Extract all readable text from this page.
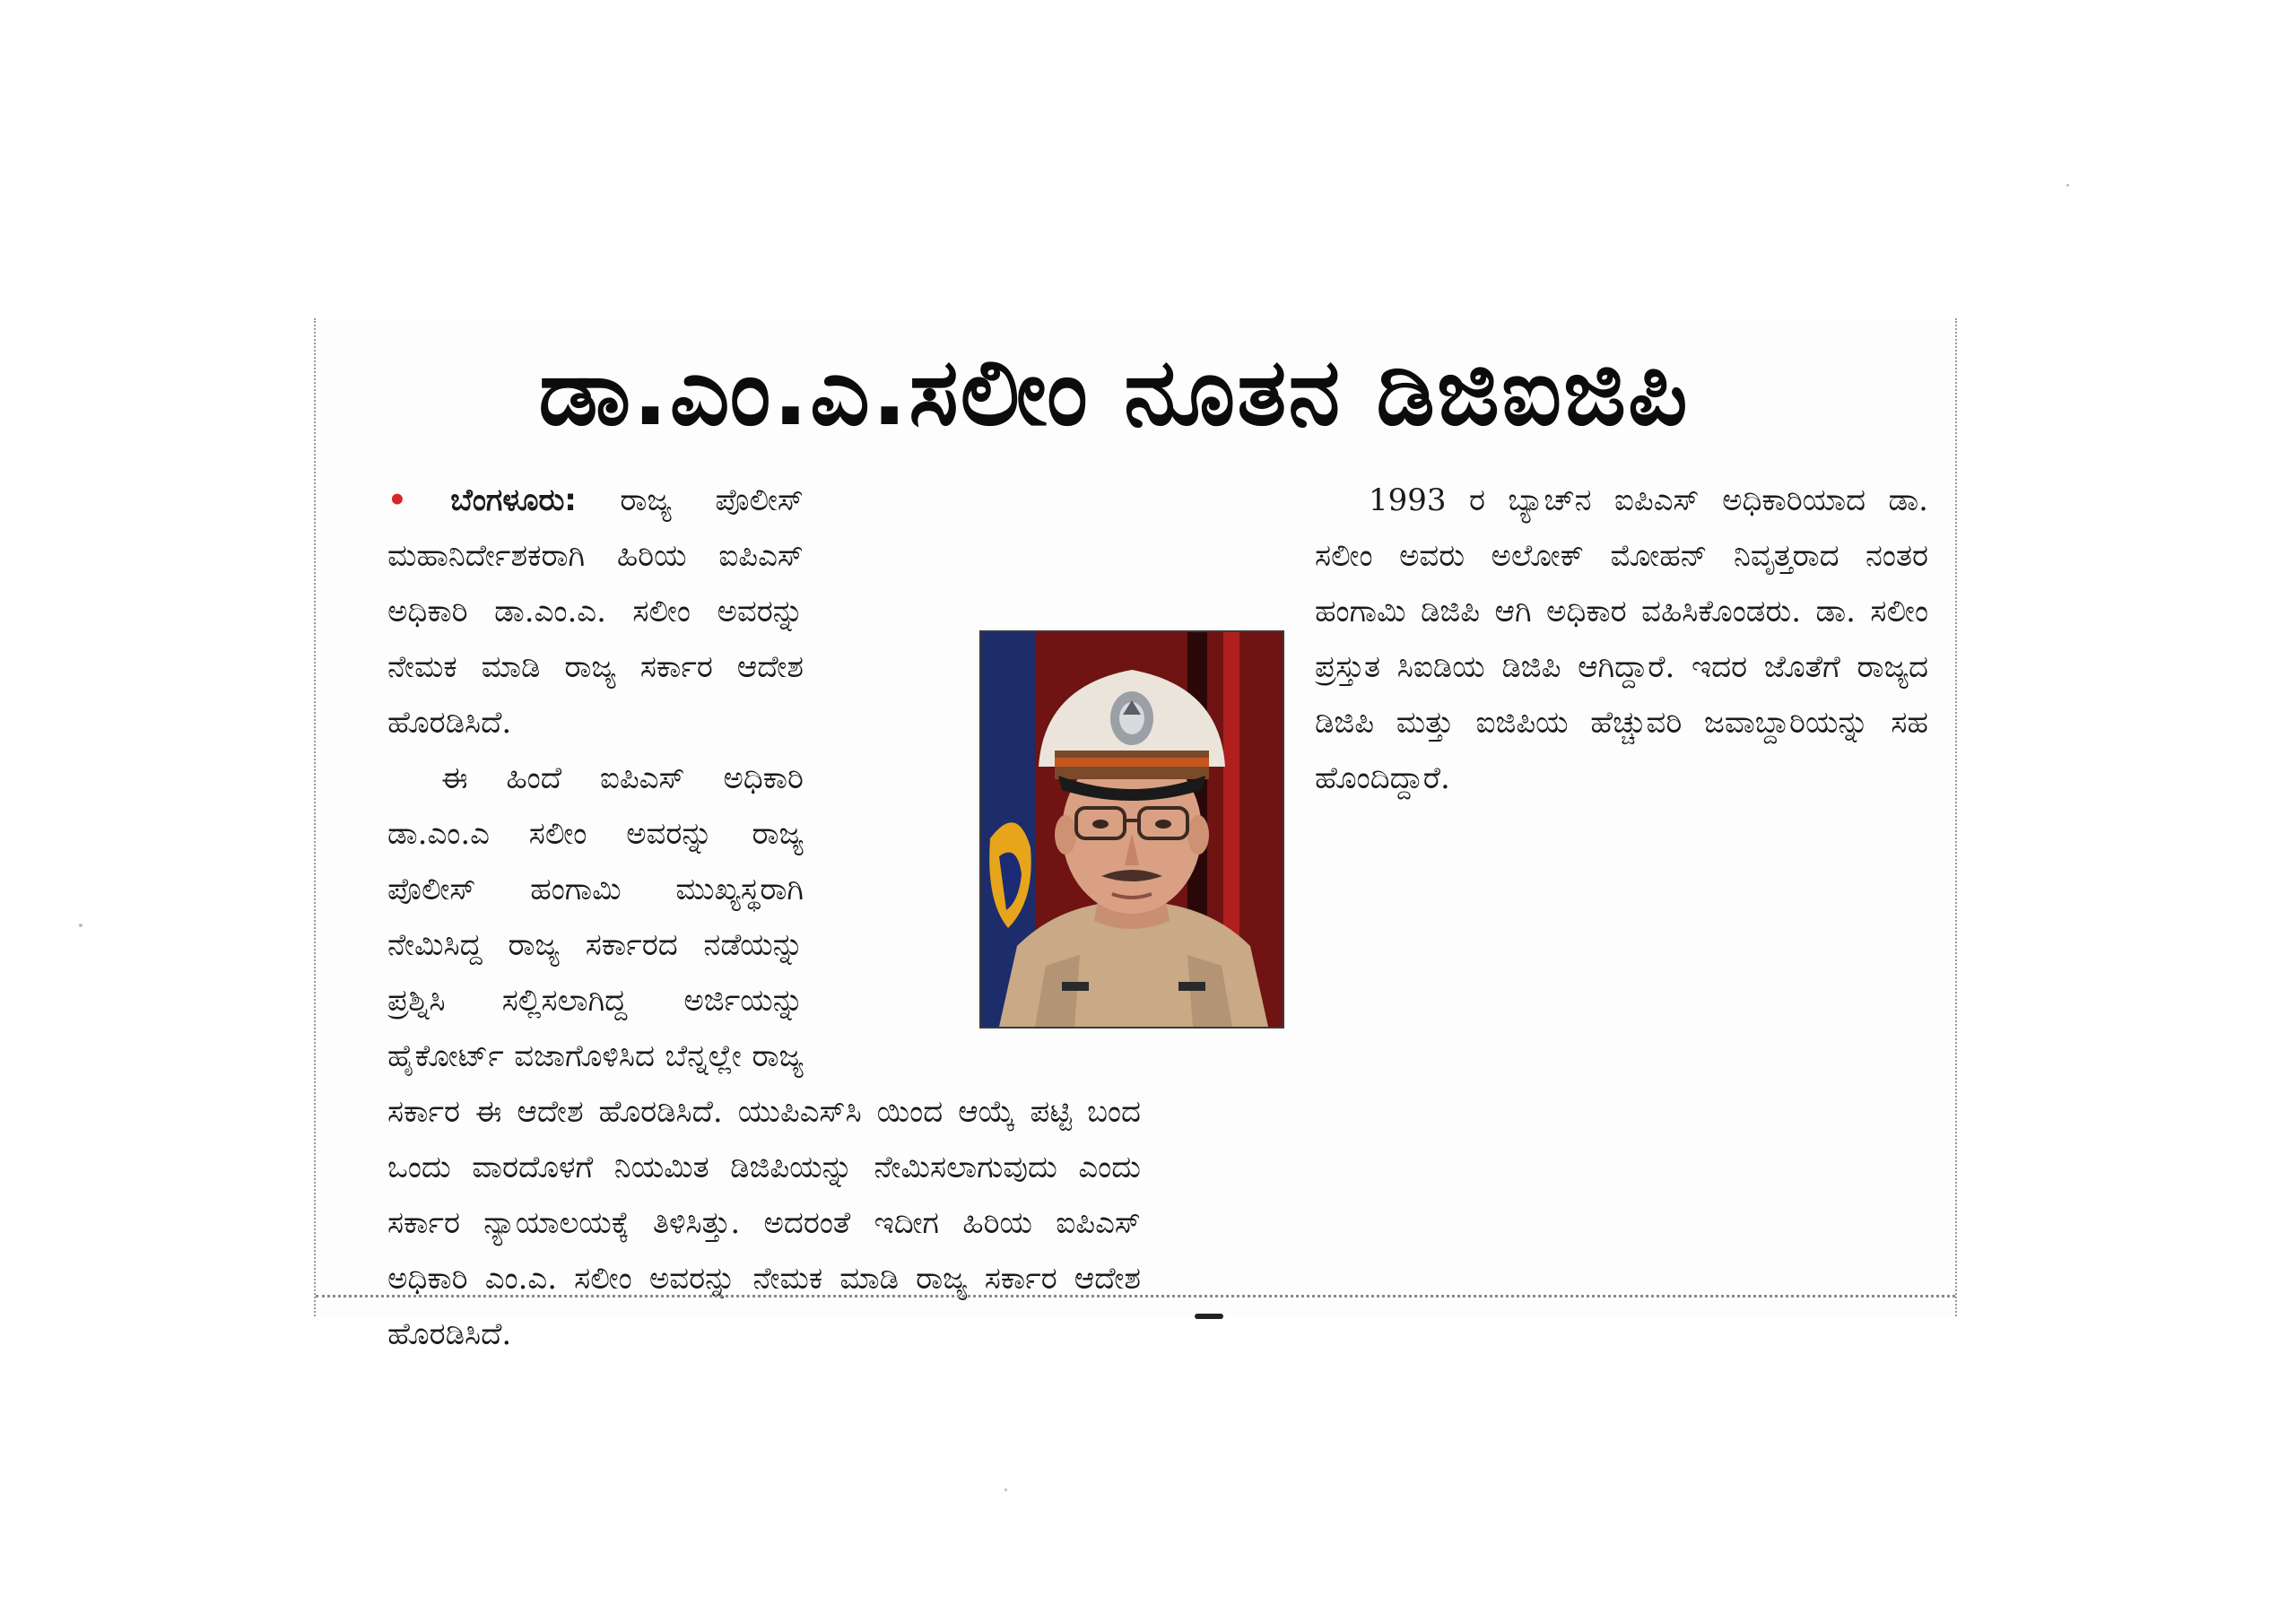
ಡಾ.ಎಂ.ಎ.ಸಲೀಂ ನೂತನ ಡಿಜಿಐಜಿಪಿ

• ಬೆಂಗಳೂರು: ರಾಜ್ಯ ಪೊಲೀಸ್ ಮಹಾನಿರ್ದೇಶಕರಾಗಿ ಹಿರಿಯ ಐಪಿಎಸ್ ಅಧಿಕಾರಿ ಡಾ.ಎಂ.ಎ. ಸಲೀಂ ಅವರನ್ನು ನೇಮಕ ಮಾಡಿ ರಾಜ್ಯ ಸರ್ಕಾರ ಆದೇಶ ಹೊರಡಿಸಿದೆ.

ಈ ಹಿಂದೆ ಐಪಿಎಸ್ ಅಧಿಕಾರಿ ಡಾ.ಎಂ.ಎ ಸಲೀಂ ಅವರನ್ನು ರಾಜ್ಯ ಪೊಲೀಸ್ ಹಂಗಾಮಿ ಮುಖ್ಯಸ್ಥರಾಗಿ ನೇಮಿಸಿದ್ದ ರಾಜ್ಯ ಸರ್ಕಾರದ ನಡೆಯನ್ನು ಪ್ರಶ್ನಿಸಿ ಸಲ್ಲಿಸಲಾಗಿದ್ದ ಅರ್ಜಿಯನ್ನು ಹೈಕೋರ್ಟ್ ವಜಾಗೊಳಿಸಿದ ಬೆನ್ನಲ್ಲೇ ರಾಜ್ಯ ಸರ್ಕಾರ ಈ ಆದೇಶ ಹೊರಡಿಸಿದೆ. ಯುಪಿಎಸ್‌ಸಿ ಯಿಂದ ಆಯ್ಕೆ ಪಟ್ಟಿ ಬಂದ ಒಂದು ವಾರದೊಳಗೆ ನಿಯಮಿತ ಡಿಜಿಪಿಯನ್ನು ನೇಮಿಸಲಾಗುವುದು ಎಂದು ಸರ್ಕಾರ ನ್ಯಾಯಾಲಯಕ್ಕೆ ತಿಳಿಸಿತ್ತು. ಅದರಂತೆ ಇದೀಗ ಹಿರಿಯ ಐಪಿಎಸ್ ಅಧಿಕಾರಿ ಎಂ.ಎ. ಸಲೀಂ ಅವರನ್ನು ನೇಮಕ ಮಾಡಿ ರಾಜ್ಯ ಸರ್ಕಾರ ಆದೇಶ ಹೊರಡಿಸಿದೆ.

1993 ರ ಬ್ಯಾಚ್‌ನ ಐಪಿಎಸ್ ಅಧಿಕಾರಿಯಾದ ಡಾ. ಸಲೀಂ ಅವರು ಅಲೋಕ್ ಮೋಹನ್ ನಿವೃತ್ತರಾದ ನಂತರ ಹಂಗಾಮಿ ಡಿಜಿಪಿ ಆಗಿ ಅಧಿಕಾರ ವಹಿಸಿಕೊಂಡರು. ಡಾ. ಸಲೀಂ ಪ್ರಸ್ತುತ ಸಿಐಡಿಯ ಡಿಜಿಪಿ ಆಗಿದ್ದಾರೆ. ಇದರ ಜೊತೆಗೆ ರಾಜ್ಯದ ಡಿಜಿಪಿ ಮತ್ತು ಐಜಿಪಿಯ ಹೆಚ್ಚುವರಿ ಜವಾಬ್ದಾರಿಯನ್ನು ಸಹ ಹೊಂದಿದ್ದಾರೆ.
